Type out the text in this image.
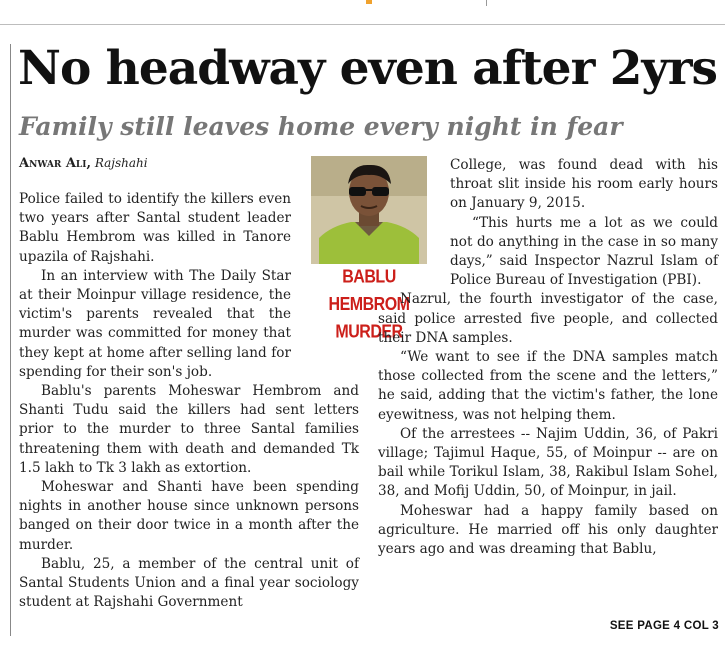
No headway even after 2yrs
Family still leaves home every night in fear
Anwar Ali, Rajshahi
BABLU HEMBROM
MURDER

Police failed to identify the killers even two years after Santal student leader Bablu Hembrom was killed in Tanore upazila of Rajshahi.

In an interview with The Daily Star at their Moinpur village residence, the victim's parents revealed that the murder was committed for money that they kept at home after selling land for spending for their son's job.

Bablu's parents Moheswar Hembrom and Shanti Tudu said the killers had sent letters prior to the murder to three Santal families threatening them with death and demanded Tk 1.5 lakh to Tk 3 lakh as extortion.

Moheswar and Shanti have been spending nights in another house since unknown persons banged on their door twice in a month after the murder.

Bablu, 25, a member of the central unit of Santal Students Union and a final year sociology student at Rajshahi Government

College, was found dead with his throat slit inside his room early hours on January 9, 2015.

“This hurts me a lot as we could not do anything in the case in so many days,” said Inspector Nazrul Islam of Police Bureau of Investigation (PBI).

Nazrul, the fourth investigator of the case, said police arrested five people, and collected their DNA samples.

“We want to see if the DNA samples match those collected from the scene and the letters,” he said, adding that the victim's father, the lone eyewitness, was not helping them.

Of the arrestees -- Najim Uddin, 36, of Pakri village; Tajimul Haque, 55, of Moinpur -- are on bail while Torikul Islam, 38, Rakibul Islam Sohel, 38, and Mofij Uddin, 50, of Moinpur, in jail.

Moheswar had a happy family based on agriculture. He married off his only daughter years ago and was dreaming that Bablu,

SEE PAGE 4 COL 3
